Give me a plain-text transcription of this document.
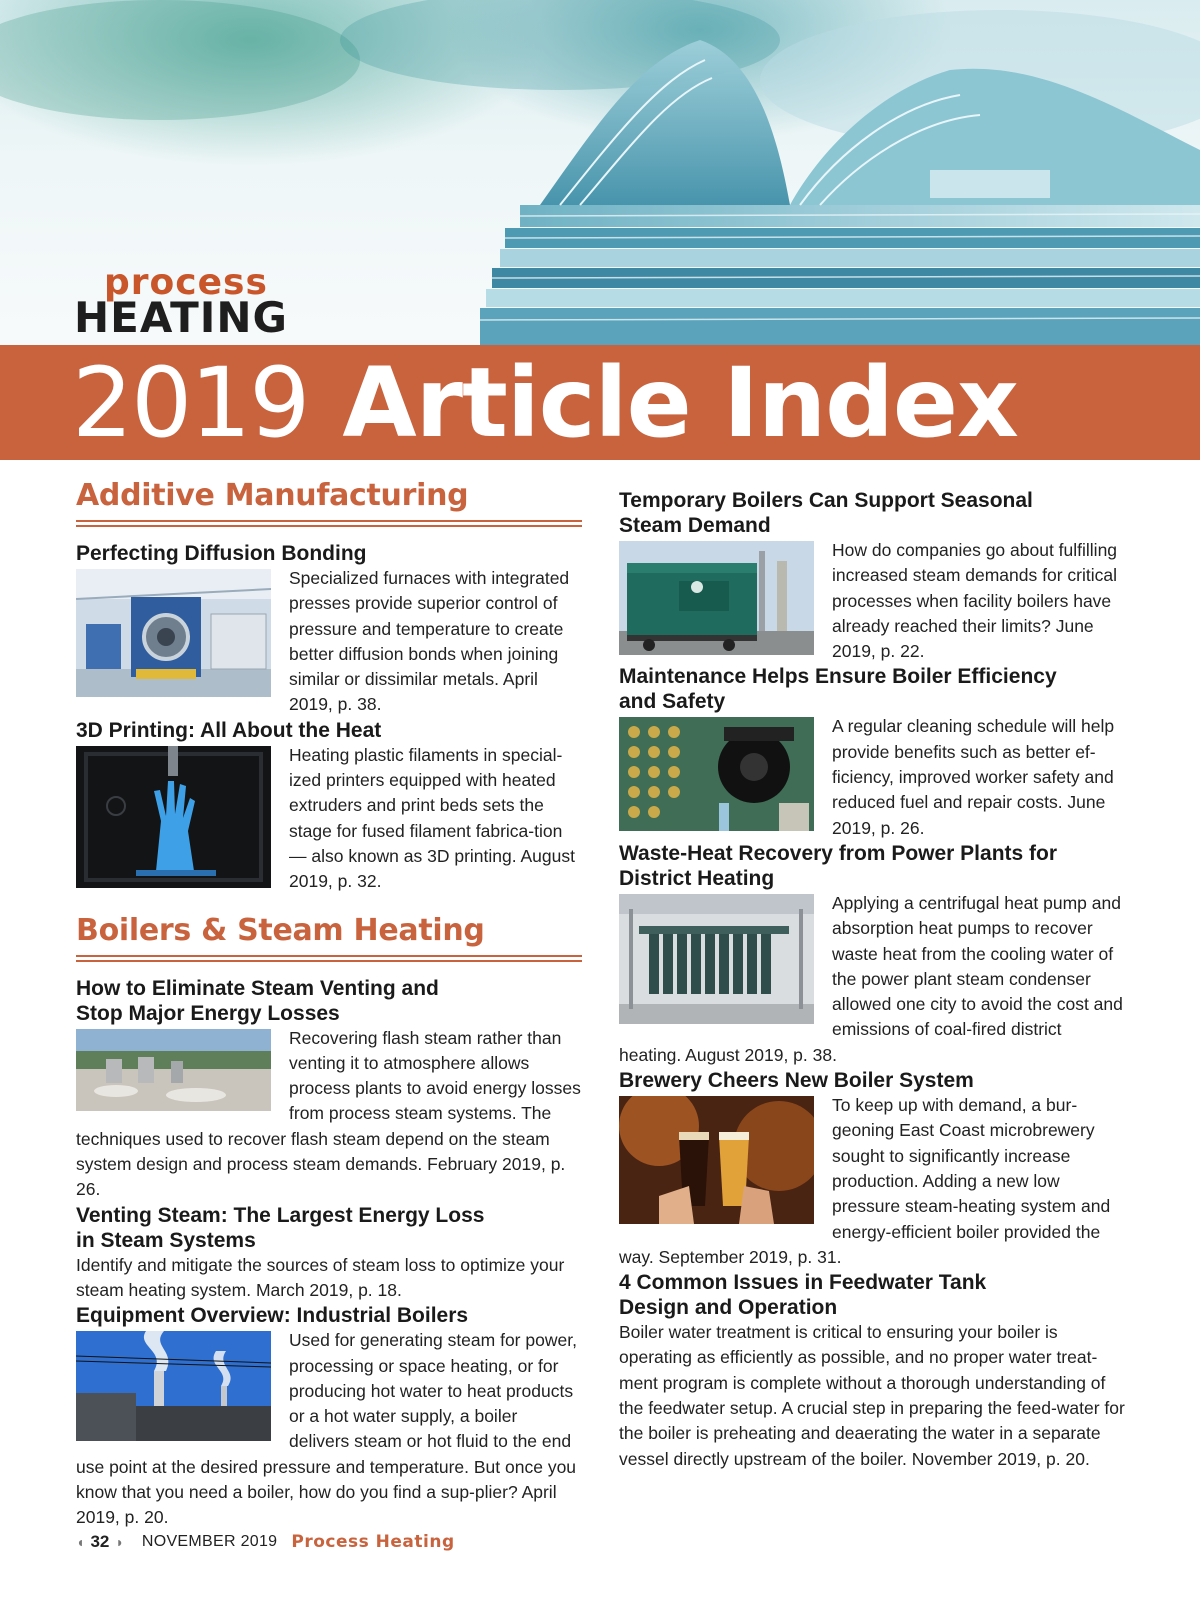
process
HEATING
2019 Article Index
Additive Manufacturing
Perfecting Diffusion Bonding
Specialized furnaces with integrated presses provide superior control of pressure and temperature to create better diffusion bonds when joining similar or dissimilar metals. April 2019, p. 38.
3D Printing: All About the Heat
Heating plastic filaments in special-ized printers equipped with heated extruders and print beds sets the stage for fused filament fabrica-tion — also known as 3D printing. August 2019, p. 32.
Boilers & Steam Heating
How to Eliminate Steam Venting and
Stop Major Energy Losses
Recovering flash steam rather than venting it to atmosphere allows process plants to avoid energy losses from process steam systems. The techniques used to recover flash steam depend on the steam system design and process steam demands. February 2019, p. 26.
Venting Steam: The Largest Energy Loss
in Steam Systems
Identify and mitigate the sources of steam loss to optimize your steam heating system. March 2019, p. 18.
Equipment Overview: Industrial Boilers
Used for generating steam for power, processing or space heating, or for producing hot water to heat products or a hot water supply, a boiler delivers steam or hot fluid to the end use point at the desired pressure and temperature. But once you know that you need a boiler, how do you find a sup-plier? April 2019, p. 20.
Temporary Boilers Can Support Seasonal
Steam Demand
How do companies go about fulfilling increased steam demands for critical processes when facility boilers have already reached their limits? June 2019, p. 22.
Maintenance Helps Ensure Boiler Efficiency
and Safety
A regular cleaning schedule will help provide benefits such as better ef-ficiency, improved worker safety and reduced fuel and repair costs. June 2019, p. 26.
Waste-Heat Recovery from Power Plants for
District Heating
Applying a centrifugal heat pump and absorption heat pumps to recover waste heat from the cooling water of the power plant steam condenser allowed one city to avoid the cost and emissions of coal-fired district heating. August 2019, p. 38.
Brewery Cheers New Boiler System
To keep up with demand, a bur-geoning East Coast microbrewery sought to significantly increase production. Adding a new low pressure steam-heating system and energy-efficient boiler provided the way. September 2019, p. 31.
4 Common Issues in Feedwater Tank
Design and Operation
Boiler water treatment is critical to ensuring your boiler is operating as efficiently as possible, and no proper water treat-ment program is complete without a thorough understanding of the feedwater setup. A crucial step in preparing the feed-water for the boiler is preheating and deaerating the water in a separate vessel directly upstream of the boiler. November 2019, p. 20.
◖ 32 ◗ NOVEMBER 2019 Process Heating
